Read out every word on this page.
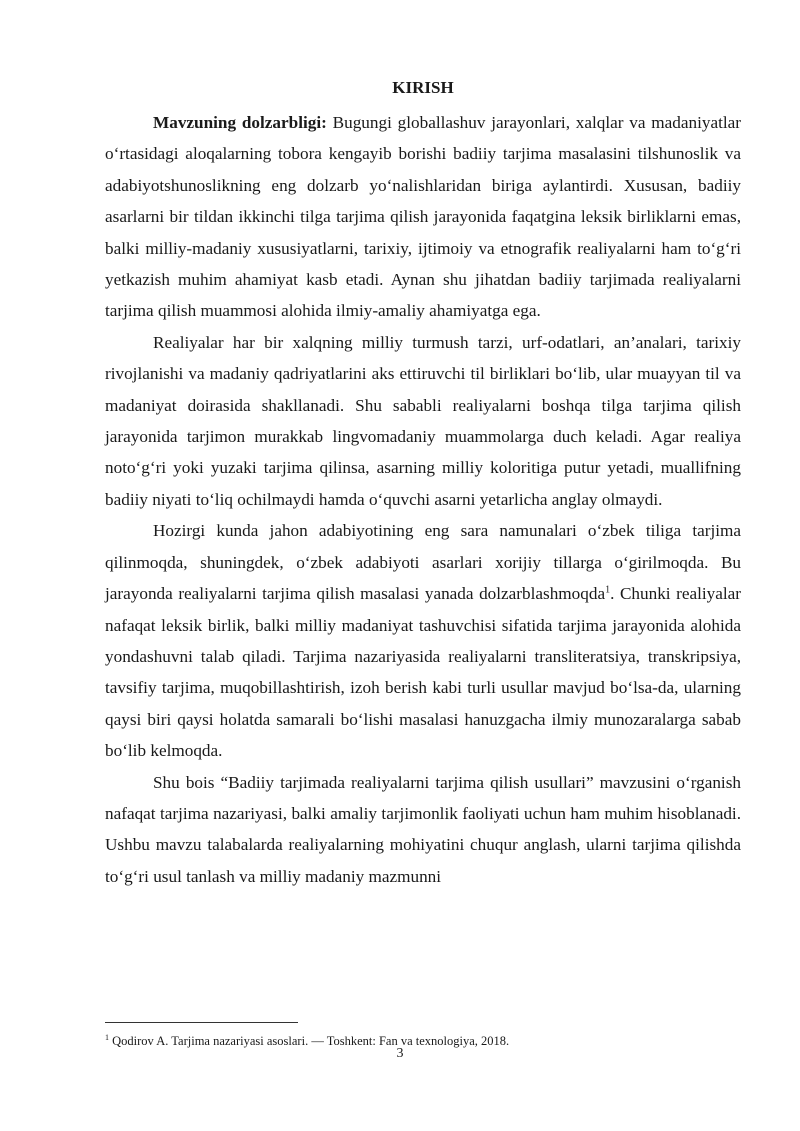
KIRISH

Mavzuning dolzarbligi: Bugungi globallashuv jarayonlari, xalqlar va madaniyatlar o‘rtasidagi aloqalarning tobora kengayib borishi badiiy tarjima masalasini tilshunoslik va adabiyotshunoslikning eng dolzarb yo‘nalishlaridan biriga aylantirdi. Xususan, badiiy asarlarni bir tildan ikkinchi tilga tarjima qilish jarayonida faqatgina leksik birliklarni emas, balki milliy-madaniy xususiyatlarni, tarixiy, ijtimoiy va etnografik realiyalarni ham to‘g‘ri yetkazish muhim ahamiyat kasb etadi. Aynan shu jihatdan badiiy tarjimada realiyalarni tarjima qilish muammosi alohida ilmiy-amaliy ahamiyatga ega.

Realiyalar har bir xalqning milliy turmush tarzi, urf-odatlari, an’analari, tarixiy rivojlanishi va madaniy qadriyatlarini aks ettiruvchi til birliklari bo‘lib, ular muayyan til va madaniyat doirasida shakllanadi. Shu sababli realiyalarni boshqa tilga tarjima qilish jarayonida tarjimon murakkab lingvomadaniy muammolarga duch keladi. Agar realiya noto‘g‘ri yoki yuzaki tarjima qilinsa, asarning milliy koloritiga putur yetadi, muallifning badiiy niyati to‘liq ochilmaydi hamda o‘quvchi asarni yetarlicha anglay olmaydi.

Hozirgi kunda jahon adabiyotining eng sara namunalari o‘zbek tiliga tarjima qilinmoqda, shuningdek, o‘zbek adabiyoti asarlari xorijiy tillarga o‘girilmoqda. Bu jarayonda realiyalarni tarjima qilish masalasi yanada dolzarblashmoqda$^1$. Chunki realiyalar nafaqat leksik birlik, balki milliy madaniyat tashuvchisi sifatida tarjima jarayonida alohida yondashuvni talab qiladi. Tarjima nazariyasida realiyalarni transliteratsiya, transkripsiya, tavsifiy tarjima, muqobillashtirish, izoh berish kabi turli usullar mavjud bo‘lsa-da, ularning qaysi biri qaysi holatda samarali bo‘lishi masalasi hanuzgacha ilmiy munozaralarga sabab bo‘lib kelmoqda.

Shu bois “Badiiy tarjimada realiyalarni tarjima qilish usullari” mavzusini o‘rganish nafaqat tarjima nazariyasi, balki amaliy tarjimonlik faoliyati uchun ham muhim hisoblanadi. Ushbu mavzu talabalarda realiyalarning mohiyatini chuqur anglash, ularni tarjima qilishda to‘g‘ri usul tanlash va milliy madaniy mazmunni

$^1$ Qodirov A. Tarjima nazariyasi asoslari. — Toshkent: Fan va texnologiya, 2018.
3
